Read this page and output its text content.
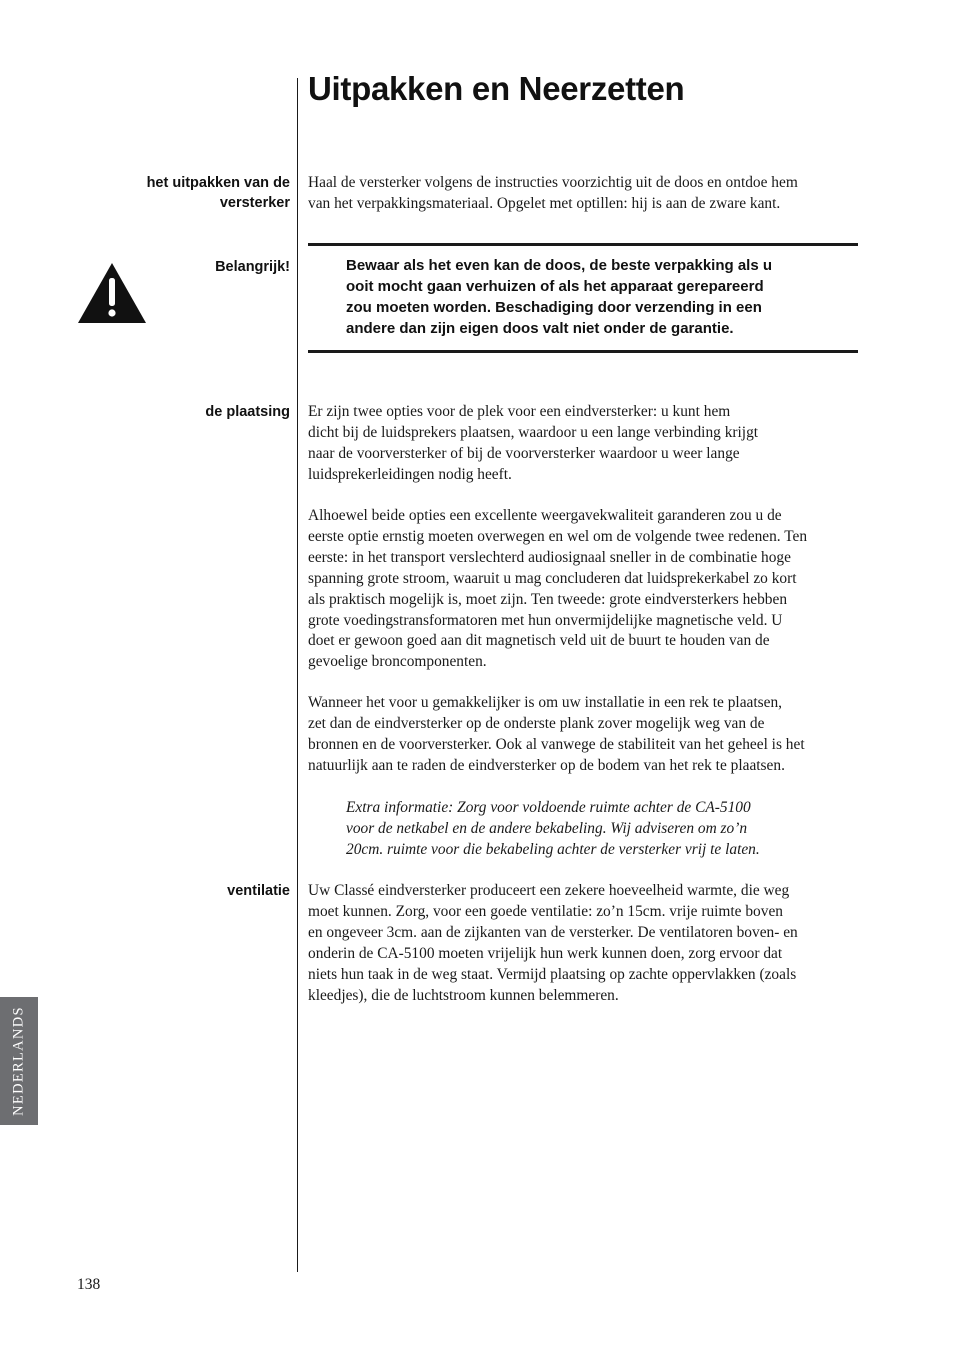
Uitpakken en Neerzetten
het uitpakken van de
versterker
Haal de versterker volgens de instructies voorzichtig uit de doos en ontdoe hem
van het verpakkingsmateriaal. Opgelet met optillen: hij is aan de zware kant.
Belangrijk!	Bewaar als het even kan de doos, de beste verpakking als u
ooit mocht gaan verhuizen of als het apparaat gerepareerd
zou moeten worden. Beschadiging door verzending in een
andere dan zijn eigen doos valt niet onder de garantie.
de plaatsing Er zijn twee opties voor de plek voor een eindversterker: u kunt hem
dicht bij de luidsprekers plaatsen, waardoor u een lange verbinding krijgt
naar de voorversterker of bij de voorversterker waardoor u weer lange
luidsprekerleidingen nodig heeft.
Alhoewel beide opties een excellente weergavekwaliteit garanderen zou u de
eerste optie ernstig moeten overwegen en wel om de volgende twee redenen. Ten
eerste: in het transport verslechterd audiosignaal sneller in de combinatie hoge
spanning grote stroom, waaruit u mag concluderen dat luidsprekerkabel zo kort
als praktisch mogelijk is, moet zijn. Ten tweede: grote eindversterkers hebben
grote voedingstransformatoren met hun onvermijdelijke magnetische veld. U
doet er gewoon goed aan dit magnetisch veld uit de buurt te houden van de
gevoelige broncomponenten.
Wanneer het voor u gemakkelijker is om uw installatie in een rek te plaatsen,
zet dan de eindversterker op de onderste plank zover mogelijk weg van de
bronnen en de voorversterker. Ook al vanwege de stabiliteit van het geheel is het
natuurlijk aan te raden de eindversterker op de bodem van het rek te plaatsen.
Extra informatie: Zorg voor voldoende ruimte achter de CA-5100
voor de netkabel en de andere bekabeling. Wij adviseren om zo’n
20cm. ruimte voor die bekabeling achter de versterker vrij te laten.
ventilatie Uw Classé eindversterker produceert een zekere hoeveelheid warmte, die weg
moet kunnen. Zorg, voor een goede ventilatie: zo’n 15cm. vrije ruimte boven
en ongeveer 3cm. aan de zijkanten van de versterker. De ventilatoren boven- en
onderin de CA-5100 moeten vrijelijk hun werk kunnen doen, zorg ervoor dat
niets hun taak in de weg staat. Vermijd plaatsing op zachte oppervlakken (zoals
kleedjes), die de luchtstroom kunnen belemmeren.
NEDERLANDS
138
